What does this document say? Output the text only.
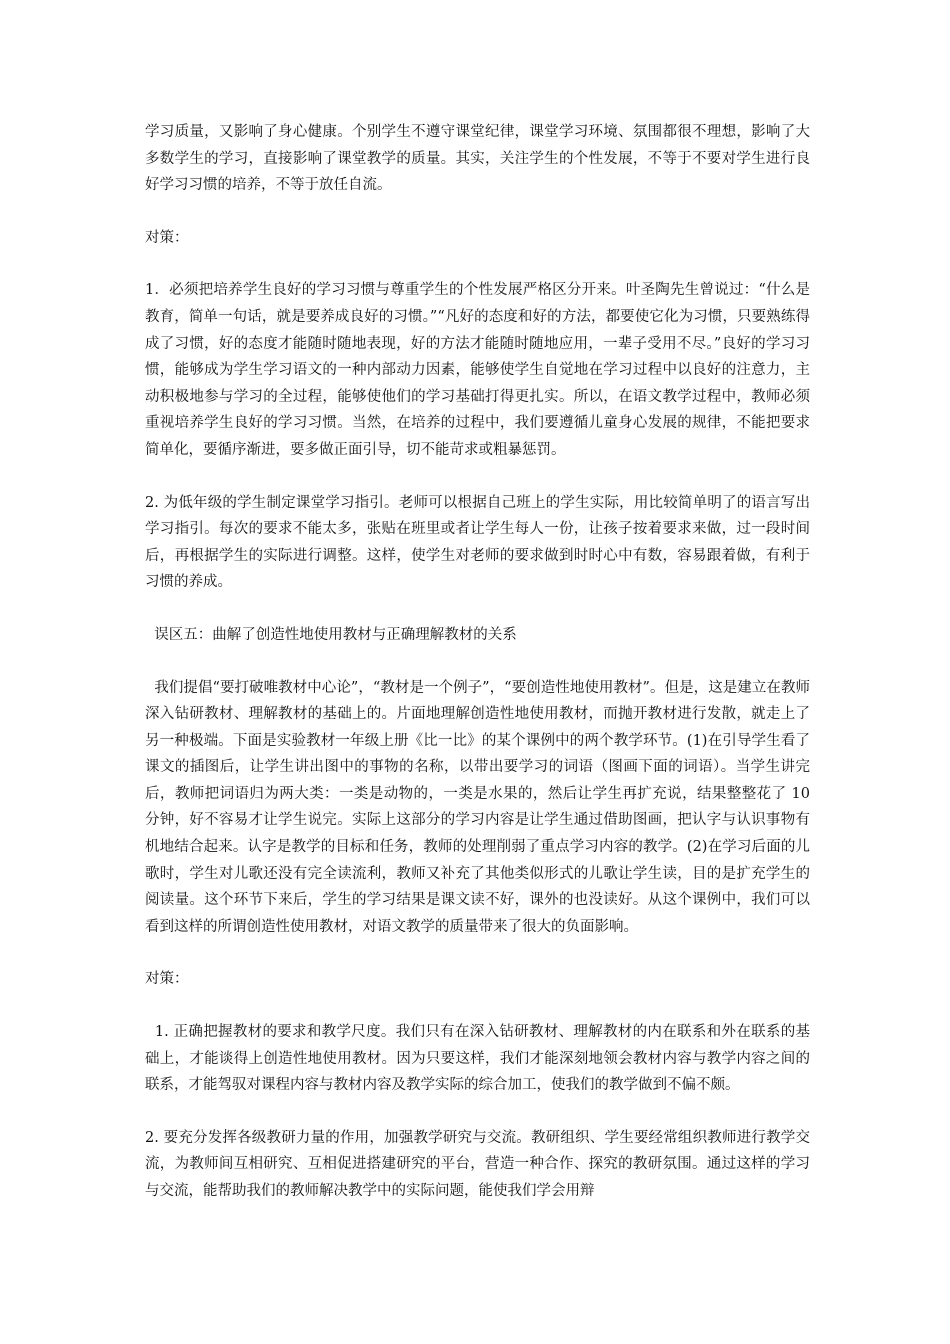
学习质量，又影响了身心健康。个别学生不遵守课堂纪律，课堂学习环境、氛围都很不理想，影响了大多数学生的学习，直接影响了课堂教学的质量。其实，关注学生的个性发展，不等于不要对学生进行良好学习习惯的培养，不等于放任自流。

对策：

1．必须把培养学生良好的学习习惯与尊重学生的个性发展严格区分开来。叶圣陶先生曾说过：“什么是教育，简单一句话，就是要养成良好的习惯。”“凡好的态度和好的方法，都要使它化为习惯，只要熟练得成了习惯，好的态度才能随时随地表现，好的方法才能随时随地应用，一辈子受用不尽。”良好的学习习惯，能够成为学生学习语文的一种内部动力因素，能够使学生自觉地在学习过程中以良好的注意力，主动积极地参与学习的全过程，能够使他们的学习基础打得更扎实。所以，在语文教学过程中，教师必须重视培养学生良好的学习习惯。当然，在培养的过程中，我们要遵循儿童身心发展的规律，不能把要求简单化，要循序渐进，要多做正面引导，切不能苛求或粗暴惩罚。

2. 为低年级的学生制定课堂学习指引。老师可以根据自己班上的学生实际，用比较简单明了的语言写出学习指引。每次的要求不能太多，张贴在班里或者让学生每人一份，让孩子按着要求来做，过一段时间后，再根据学生的实际进行调整。这样，使学生对老师的要求做到时时心中有数，容易跟着做，有利于习惯的养成。

误区五：曲解了创造性地使用教材与正确理解教材的关系

我们提倡“要打破唯教材中心论”，“教材是一个例子”，“要创造性地使用教材”。但是，这是建立在教师深入钻研教材、理解教材的基础上的。片面地理解创造性地使用教材，而抛开教材进行发散，就走上了另一种极端。下面是实验教材一年级上册《比一比》的某个课例中的两个教学环节。(1)在引导学生看了课文的插图后，让学生讲出图中的事物的名称，以带出要学习的词语（图画下面的词语）。当学生讲完后，教师把词语归为两大类：一类是动物的，一类是水果的，然后让学生再扩充说，结果整整花了 10 分钟，好不容易才让学生说完。实际上这部分的学习内容是让学生通过借助图画，把认字与认识事物有机地结合起来。认字是教学的目标和任务，教师的处理削弱了重点学习内容的教学。(2)在学习后面的儿歌时，学生对儿歌还没有完全读流利，教师又补充了其他类似形式的儿歌让学生读，目的是扩充学生的阅读量。这个环节下来后，学生的学习结果是课文读不好，课外的也没读好。从这个课例中，我们可以看到这样的所谓创造性使用教材，对语文教学的质量带来了很大的负面影响。

对策：

1. 正确把握教材的要求和教学尺度。我们只有在深入钻研教材、理解教材的内在联系和外在联系的基础上，才能谈得上创造性地使用教材。因为只要这样，我们才能深刻地领会教材内容与教学内容之间的联系，才能驾驭对课程内容与教材内容及教学实际的综合加工，使我们的教学做到不偏不颇。

2. 要充分发挥各级教研力量的作用，加强教学研究与交流。教研组织、学生要经常组织教师进行教学交流，为教师间互相研究、互相促进搭建研究的平台，营造一种合作、探究的教研氛围。通过这样的学习与交流，能帮助我们的教师解决教学中的实际问题，能使我们学会用辩
